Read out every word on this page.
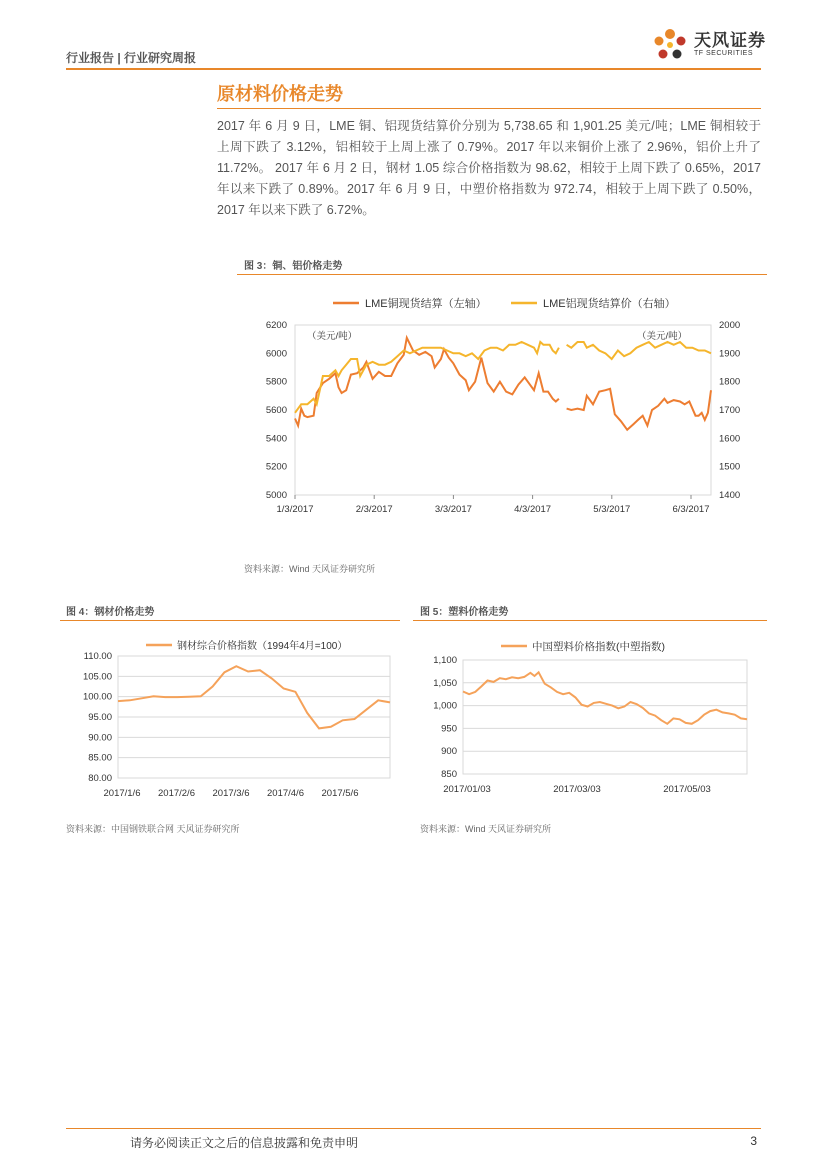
行业报告 | 行业研究周报
天风证券
TF SECURITIES
原材料价格走势
2017 年 6 月 9 日，LME 铜、铝现货结算价分别为 5,738.65 和 1,901.25 美元/吨；LME 铜相较于上周下跌了 3.12%，铝相较于上周上涨了 0.79%。2017 年以来铜价上涨了 2.96%，铝价上升了 11.72%。 2017 年 6 月 2 日，钢材 1.05 综合价格指数为 98.62，相较于上周下跌了 0.65%，2017 年以来下跌了 0.89%。2017 年 6 月 9 日，中塑价格指数为 972.74，相较于上周下跌了 0.50%，2017 年以来下跌了 6.72%。
图 3：铜、铝价格走势
LME铜现货结算（左轴）	LME铝现货结算价（右轴）
（美元/吨）	（美元/吨）
5000
5200
5400
5600
5800
6000
6200
1400
1500
1600
1700
1800
1900
2000
1/3/2017	2/3/2017	3/3/2017	4/3/2017	5/3/2017	6/3/2017
资料来源：Wind 天风证券研究所
图 4：钢材价格走势
钢材综合价格指数（1994年4月=100）
110.00
105.00
100.00
95.00
90.00
85.00
80.00
2017/1/6 2017/2/6 2017/3/6 2017/4/6 2017/5/6
资料来源：中国钢铁联合网 天风证券研究所
图 5：塑料价格走势
中国塑料价格指数(中塑指数)
1,100
1,050
1,000
950
900
850
2017/01/03	2017/03/03	2017/05/03
资料来源：Wind 天风证券研究所
请务必阅读正文之后的信息披露和免责申明	3
